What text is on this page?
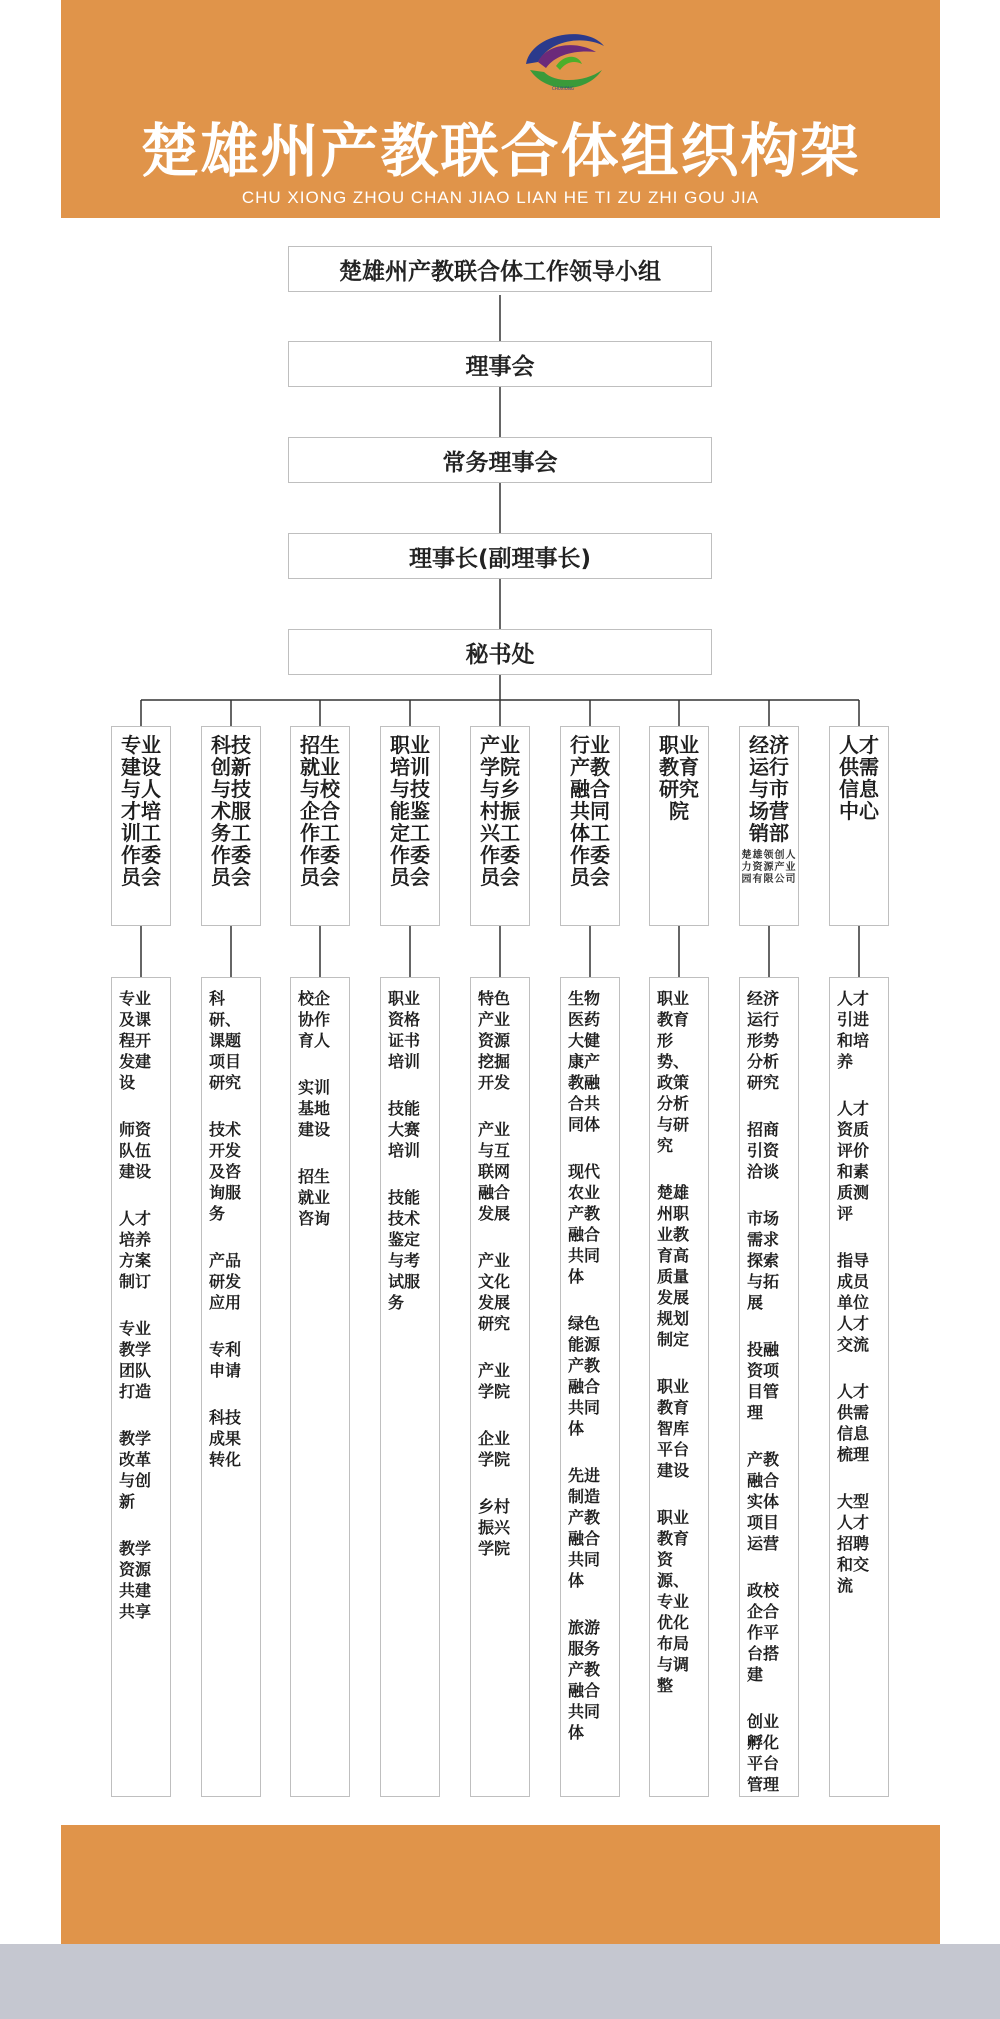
CHUXIONG
楚雄州产教联合体组织构架
CHU XIONG ZHOU CHAN JIAO LIAN HE TI ZU ZHI GOU JIA
楚雄州产教联合体工作领导小组
理事会
常务理事会
理事长(副理事长)
秘书处
专业建设与人才培训工作委员会
科技创新与技术服务工作委员会
招生就业与校企合作工作委员会
职业培训与技能鉴定工作委员会
产业学院与乡村振兴工作委员会
行业产教融合共同体工作委员会
职业教育研究院
经济运行与市场营销部
楚雄领创人力资源产业园有限公司
人才供需信息中心
专业及课程开发建设
师资队伍建设
人才培养方案制订
专业教学团队打造
教学改革与创新
教学资源共建共享
科研、课题项目研究
技术开发及咨询服务
产品研发应用
专利申请
科技成果转化
校企协作育人
实训基地建设
招生就业咨询
职业资格证书培训
技能大赛培训
技能技术鉴定与考试服务
特色产业资源挖掘开发
产业与互联网融合发展
产业文化发展研究
产业学院
企业学院
乡村振兴学院
生物医药大健康产教融合共同体
现代农业产教融合共同体
绿色能源产教融合共同体
先进制造产教融合共同体
旅游服务产教融合共同体
职业教育形势、政策分析与研究
楚雄州职业教育高质量发展规划制定
职业教育智库平台建设
职业教育资源、专业优化布局与调整
经济运行形势分析研究
招商引资洽谈
市场需求探索与拓展
投融资项目管理
产教融合实体项目运营
政校企合作平台搭建
创业孵化平台管理
人才引进和培养
人才资质评价和素质测评
指导成员单位人才交流
人才供需信息梳理
大型人才招聘和交流
